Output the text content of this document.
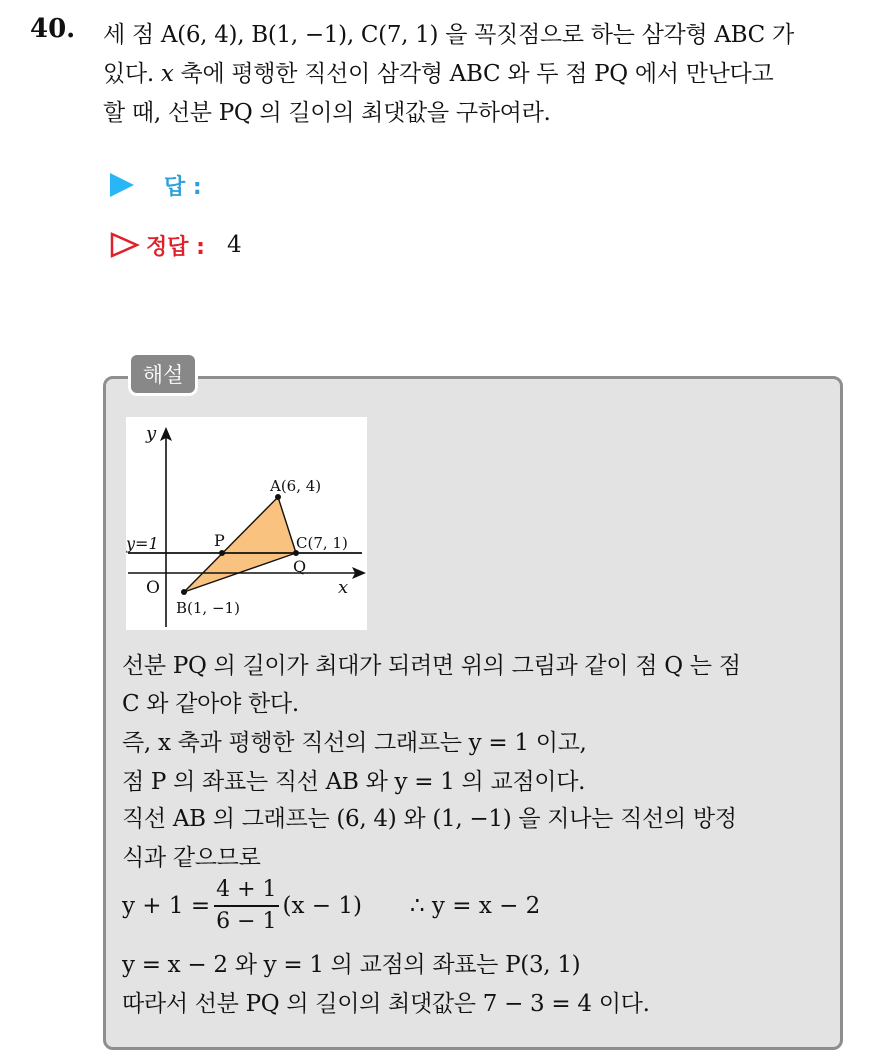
40. 세 점 A(6, 4), B(1, −1), C(7, 1) 을 꼭짓점으로 하는 삼각형 ABC 가
있다. x 축에 평행한 직선이 삼각형 ABC 와 두 점 PQ 에서 만난다고
할 때, 선분 PQ 의 길이의 최댓값을 구하여라.
답 :
정답 : 4
해설
y
x
O
A(6, 4)
B(1, −1)
C(7, 1)
P
Q
y=1
선분 PQ 의 길이가 최대가 되려면 위의 그림과 같이 점 Q 는 점
C 와 같아야 한다.
즉, x 축과 평행한 직선의 그래프는 y = 1 이고,
점 P 의 좌표는 직선 AB 와 y = 1 의 교점이다.
직선 AB 의 그래프는 (6, 4) 와 (1, −1) 을 지나는 직선의 방정
식과 같으므로
$y + 1 = \frac{4 + 1}{6 - 1} (x - 1)$ ∴ y = x − 2
y = x − 2 와 y = 1 의 교점의 좌표는 P(3, 1)
따라서 선분 PQ 의 길이의 최댓값은 7 − 3 = 4 이다.
